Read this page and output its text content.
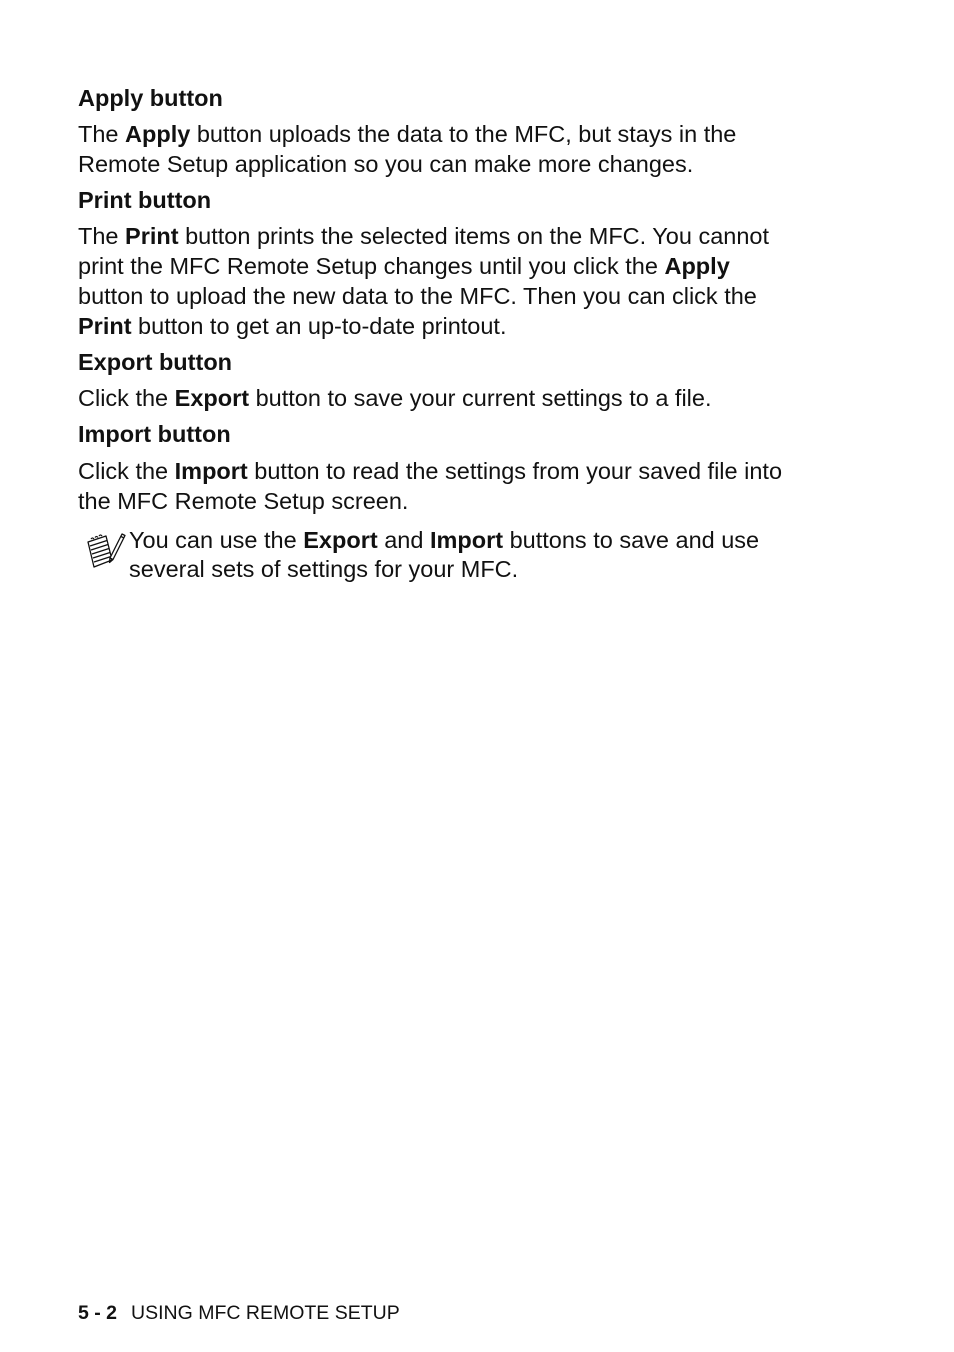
Apply button

The Apply button uploads the data to the MFC, but stays in the
Remote Setup application so you can make more changes.

Print button

The Print button prints the selected items on the MFC. You cannot
print the MFC Remote Setup changes until you click the Apply
button to upload the new data to the MFC. Then you can click the
Print button to get an up-to-date printout.

Export button

Click the Export button to save your current settings to a file.

Import button

Click the Import button to read the settings from your saved file into
the MFC Remote Setup screen.

You can use the Export and Import buttons to save and use
several sets of settings for your MFC.

5 - 2 USING MFC REMOTE SETUP
